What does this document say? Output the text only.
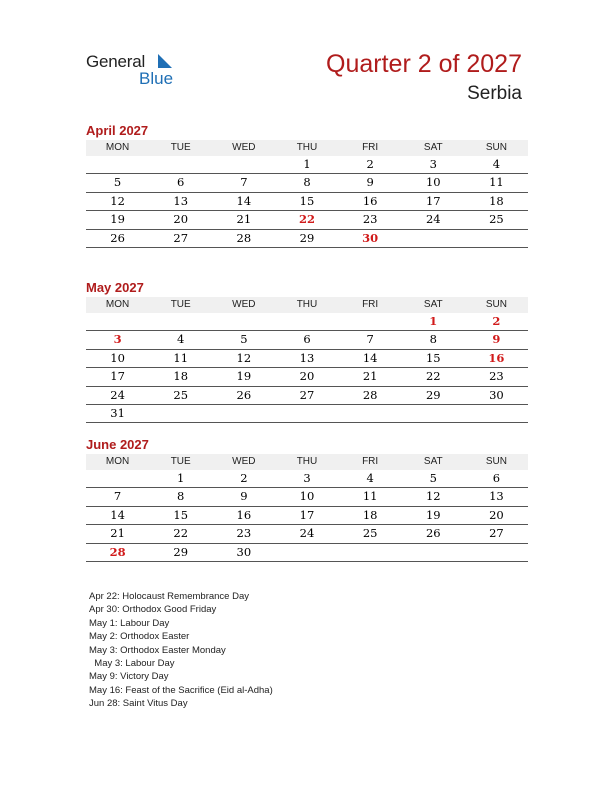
General
Blue
Quarter 2 of 2027
Serbia
April 2027
MON	TUE	WED	THU	FRI	SAT	SUN
			1	2	3	4
5	6	7	8	9	10	11
12	13	14	15	16	17	18
19	20	21	22	23	24	25
26	27	28	29	30		
May 2027
MON	TUE	WED	THU	FRI	SAT	SUN
					1	2
3	4	5	6	7	8	9
10	11	12	13	14	15	16
17	18	19	20	21	22	23
24	25	26	27	28	29	30
31						
June 2027
MON	TUE	WED	THU	FRI	SAT	SUN
	1	2	3	4	5	6
7	8	9	10	11	12	13
14	15	16	17	18	19	20
21	22	23	24	25	26	27
28	29	30				
Apr 22: Holocaust Remembrance Day
Apr 30: Orthodox Good Friday
May 1: Labour Day
May 2: Orthodox Easter
May 3: Orthodox Easter Monday
May 3: Labour Day
May 9: Victory Day
May 16: Feast of the Sacrifice (Eid al-Adha)
Jun 28: Saint Vitus Day
